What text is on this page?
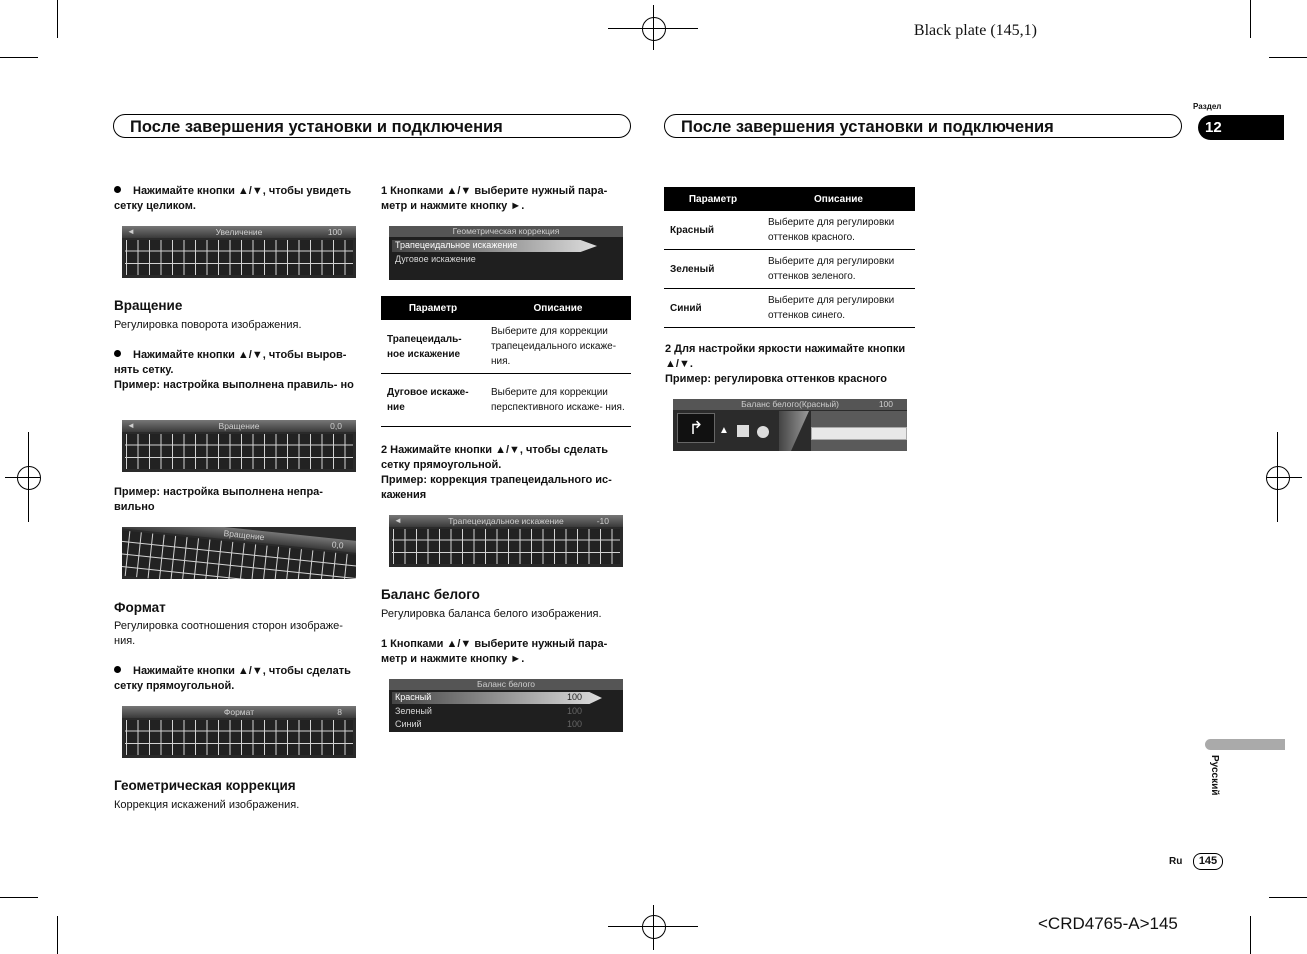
Black plate (145,1)
После завершения установки и подключения	После завершения установки и подключения
Раздел
12
Нажимайте кнопки ▲/▼, чтобы увидеть сетку целиком.
◄	Увеличение	100
Вращение
Регулировка поворота изображения.
Нажимайте кнопки ▲/▼, чтобы выров- нять сетку.
Пример: настройка выполнена правиль- но
◄	Вращение	0,0
Пример: настройка выполнена непра- вильно
Вращение
0,0
Формат
Регулировка соотношения сторон изображе- ния.
Нажимайте кнопки ▲/▼, чтобы сделать сетку прямоугольной.
Формат	8
Геометрическая коррекция
Коррекция искажений изображения.
1 Кнопками ▲/▼ выберите нужный пара- метр и нажмите кнопку ►.
Геометрическая коррекция
Трапецеидальное искажение
Дуговое искажение
Параметр	Описание
Трапецеидаль- ное искажение	Выберите для коррекции трапецеидального искаже- ния.
Дуговое искаже- ние	Выберите для коррекции перспективного искаже- ния.
2 Нажимайте кнопки ▲/▼, чтобы сделать сетку прямоугольной.
Пример: коррекция трапецеидального ис- кажения
◄	Трапецеидальное искажение	-10
Баланс белого
Регулировка баланса белого изображения.
1 Кнопками ▲/▼ выберите нужный пара- метр и нажмите кнопку ►.
Баланс белого
Красный	100
Зеленый	100
Синий	100
Параметр	Описание
Красный	Выберите для регулировки оттенков красного.
Зеленый	Выберите для регулировки оттенков зеленого.
Синий	Выберите для регулировки оттенков синего.
2 Для настройки яркости нажимайте кнопки ▲/▼.
Пример: регулировка оттенков красного
Баланс белого(Красный)	100
↱	▲
Русский
Ru	145
<CRD4765-A>145
